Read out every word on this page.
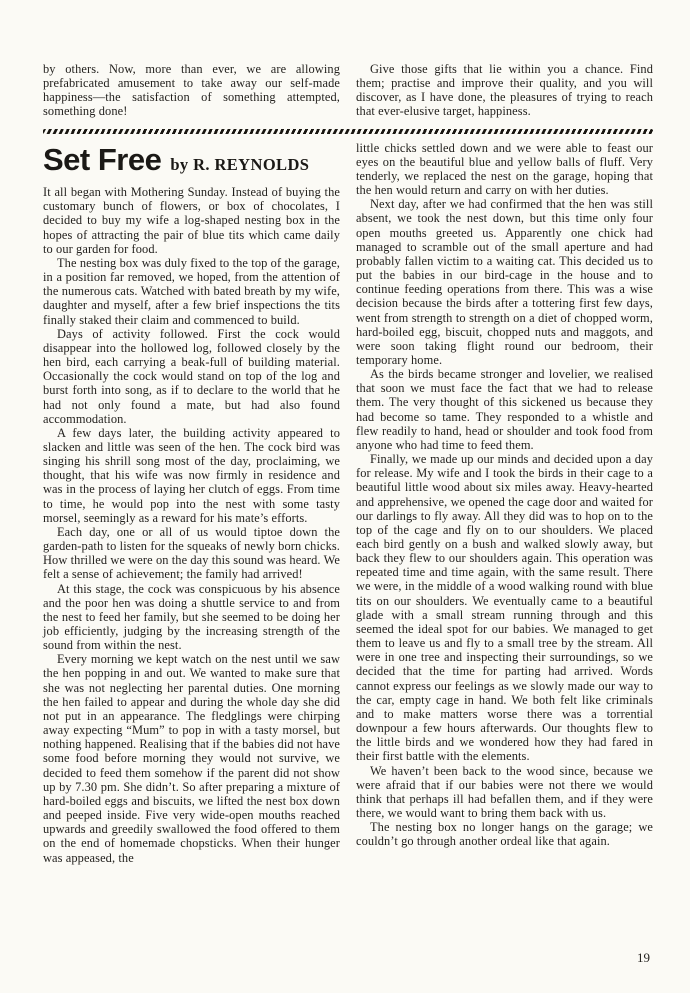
by others. Now, more than ever, we are allowing prefabricated amusement to take away our self-made happiness—the satisfaction of something attempted, something done!

Give those gifts that lie within you a chance. Find them; practise and improve their quality, and you will discover, as I have done, the pleasures of trying to reach that ever-elusive target, happiness.

Set Free by R. REYNOLDS

It all began with Mothering Sunday. Instead of buying the customary bunch of flowers, or box of chocolates, I decided to buy my wife a log-shaped nesting box in the hopes of attracting the pair of blue tits which came daily to our garden for food.

The nesting box was duly fixed to the top of the garage, in a position far removed, we hoped, from the attention of the numerous cats. Watched with bated breath by my wife, daughter and myself, after a few brief inspections the tits finally staked their claim and commenced to build.

Days of activity followed. First the cock would disappear into the hollowed log, followed closely by the hen bird, each carrying a beak-full of building material. Occasionally the cock would stand on top of the log and burst forth into song, as if to declare to the world that he had not only found a mate, but had also found accommodation.

A few days later, the building activity appeared to slacken and little was seen of the hen. The cock bird was singing his shrill song most of the day, proclaiming, we thought, that his wife was now firmly in residence and was in the process of laying her clutch of eggs. From time to time, he would pop into the nest with some tasty morsel, seemingly as a reward for his mate’s efforts.

Each day, one or all of us would tiptoe down the garden-path to listen for the squeaks of newly born chicks. How thrilled we were on the day this sound was heard. We felt a sense of achievement; the family had arrived!

At this stage, the cock was conspicuous by his absence and the poor hen was doing a shuttle service to and from the nest to feed her family, but she seemed to be doing her job efficiently, judging by the increasing strength of the sound from within the nest.

Every morning we kept watch on the nest until we saw the hen popping in and out. We wanted to make sure that she was not neglecting her parental duties. One morning the hen failed to appear and during the whole day she did not put in an appearance. The fledglings were chirping away expecting “Mum” to pop in with a tasty morsel, but nothing happened. Realising that if the babies did not have some food before morning they would not survive, we decided to feed them somehow if the parent did not show up by 7.30 pm. She didn’t. So after preparing a mixture of hard-boiled eggs and biscuits, we lifted the nest box down and peeped inside. Five very wide-open mouths reached upwards and greedily swallowed the food offered to them on the end of homemade chopsticks. When their hunger was appeased, the

little chicks settled down and we were able to feast our eyes on the beautiful blue and yellow balls of fluff. Very tenderly, we replaced the nest on the garage, hoping that the hen would return and carry on with her duties.

Next day, after we had confirmed that the hen was still absent, we took the nest down, but this time only four open mouths greeted us. Apparently one chick had managed to scramble out of the small aperture and had probably fallen victim to a waiting cat. This decided us to put the babies in our bird-cage in the house and to continue feeding operations from there. This was a wise decision because the birds after a tottering first few days, went from strength to strength on a diet of chopped worm, hard-boiled egg, biscuit, chopped nuts and maggots, and were soon taking flight round our bedroom, their temporary home.

As the birds became stronger and lovelier, we realised that soon we must face the fact that we had to release them. The very thought of this sickened us because they had become so tame. They responded to a whistle and flew readily to hand, head or shoulder and took food from anyone who had time to feed them.

Finally, we made up our minds and decided upon a day for release. My wife and I took the birds in their cage to a beautiful little wood about six miles away. Heavy-hearted and apprehensive, we opened the cage door and waited for our darlings to fly away. All they did was to hop on to the top of the cage and fly on to our shoulders. We placed each bird gently on a bush and walked slowly away, but back they flew to our shoulders again. This operation was repeated time and time again, with the same result. There we were, in the middle of a wood walking round with blue tits on our shoulders. We eventually came to a beautiful glade with a small stream running through and this seemed the ideal spot for our babies. We managed to get them to leave us and fly to a small tree by the stream. All were in one tree and inspecting their surroundings, so we decided that the time for parting had arrived. Words cannot express our feelings as we slowly made our way to the car, empty cage in hand. We both felt like criminals and to make matters worse there was a torrential downpour a few hours afterwards. Our thoughts flew to the little birds and we wondered how they had fared in their first battle with the elements.

We haven’t been back to the wood since, because we were afraid that if our babies were not there we would think that perhaps ill had befallen them, and if they were there, we would want to bring them back with us.

The nesting box no longer hangs on the garage; we couldn’t go through another ordeal like that again.

19
